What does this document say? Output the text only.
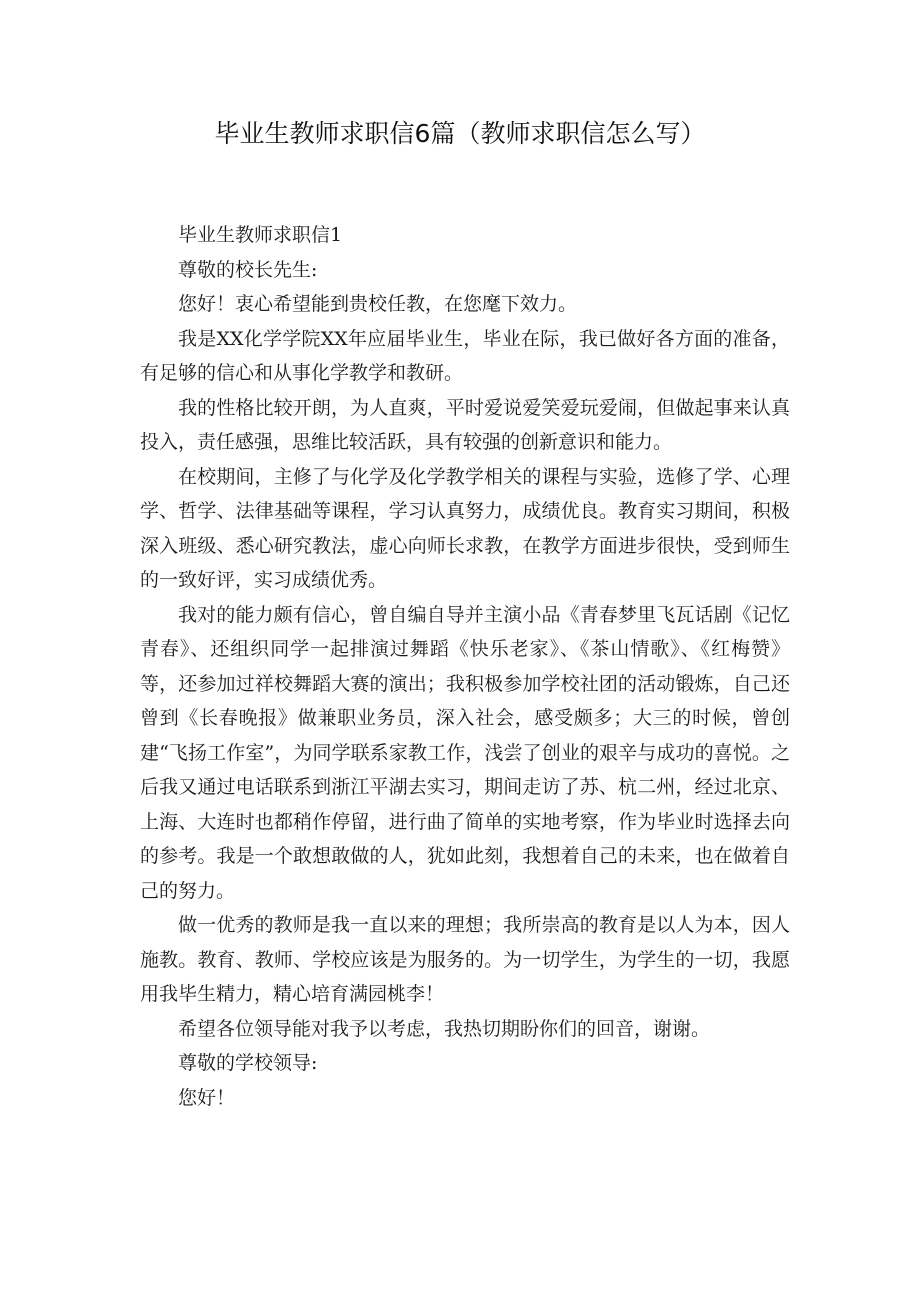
毕业生教师求职信6篇（教师求职信怎么写）

毕业生教师求职信1

尊敬的校长先生:

您好！衷心希望能到贵校任教，在您麾下效力。

我是XX化学学院XX年应届毕业生，毕业在际，我已做好各方面的准备，有足够的信心和从事化学教学和教研。

我的性格比较开朗，为人直爽，平时爱说爱笑爱玩爱闹，但做起事来认真投入，责任感强，思维比较活跃，具有较强的创新意识和能力。

在校期间，主修了与化学及化学教学相关的课程与实验，选修了学、心理学、哲学、法律基础等课程，学习认真努力，成绩优良。教育实习期间，积极深入班级、悉心研究教法，虚心向师长求教，在教学方面进步很快，受到师生的一致好评，实习成绩优秀。

我对的能力颇有信心，曾自编自导并主演小品《青春梦里飞瓦话剧《记忆青春》、还组织同学一起排演过舞蹈《快乐老家》、《茶山情歌》、《红梅赞》等，还参加过祥校舞蹈大赛的演出；我积极参加学校社团的活动锻炼，自己还曾到《长春晚报》做兼职业务员，深入社会，感受颇多；大三的时候，曾创建“飞扬工作室”，为同学联系家教工作，浅尝了创业的艰辛与成功的喜悦。之后我又通过电话联系到浙江平湖去实习，期间走访了苏、杭二州，经过北京、上海、大连时也都稍作停留，进行曲了简单的实地考察，作为毕业时选择去向的参考。我是一个敢想敢做的人，犹如此刻，我想着自己的未来，也在做着自己的努力。

做一优秀的教师是我一直以来的理想；我所崇高的教育是以人为本，因人施教。教育、教师、学校应该是为服务的。为一切学生，为学生的一切，我愿用我毕生精力，精心培育满园桃李！

希望各位领导能对我予以考虑，我热切期盼你们的回音，谢谢。

尊敬的学校领导:

您好！
